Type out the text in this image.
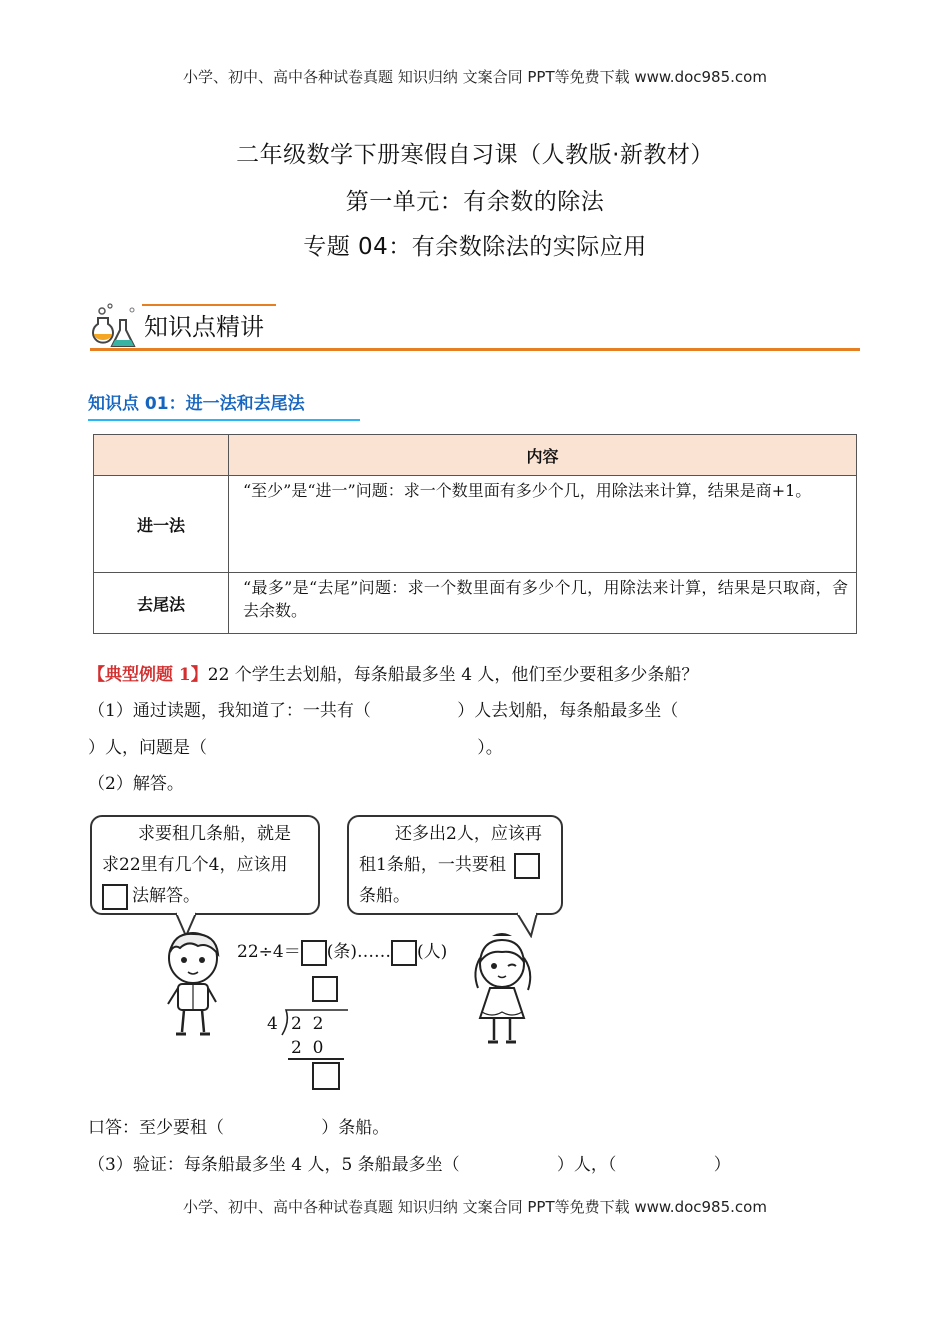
小学、初中、高中各种试卷真题 知识归纳 文案合同 PPT等免费下载 www.doc985.com
二年级数学下册寒假自习课（人教版·新教材）
第一单元：有余数的除法
专题 04：有余数除法的实际应用
知识点精讲
知识点 01：进一法和去尾法
	内容
进一法	“至少”是“进一”问题：求一个数里面有多少个几，用除法来计算，结果是商+1。
去尾法	“最多”是“去尾”问题：求一个数里面有多少个几，用除法来计算，结果是只取商，舍去余数。
【典型例题 1】22 个学生去划船，每条船最多坐 4 人，他们至少要租多少条船？
（1）通过读题，我知道了：一共有（                ）人去划船，每条船最多坐（
）人，问题是（                                                  ）。
（2）解答。
求要租几条船，就是
求22里有几个4，应该用
法解答。
还多出2人，应该再
租1条船，一共要租
条船。
22÷4＝ (条)…… (人)
4 2  2
2  0
口答：至少要租（                  ）条船。
（3）验证：每条船最多坐 4 人，5 条船最多坐（                  ）人，（                  ）
小学、初中、高中各种试卷真题 知识归纳 文案合同 PPT等免费下载 www.doc985.com
